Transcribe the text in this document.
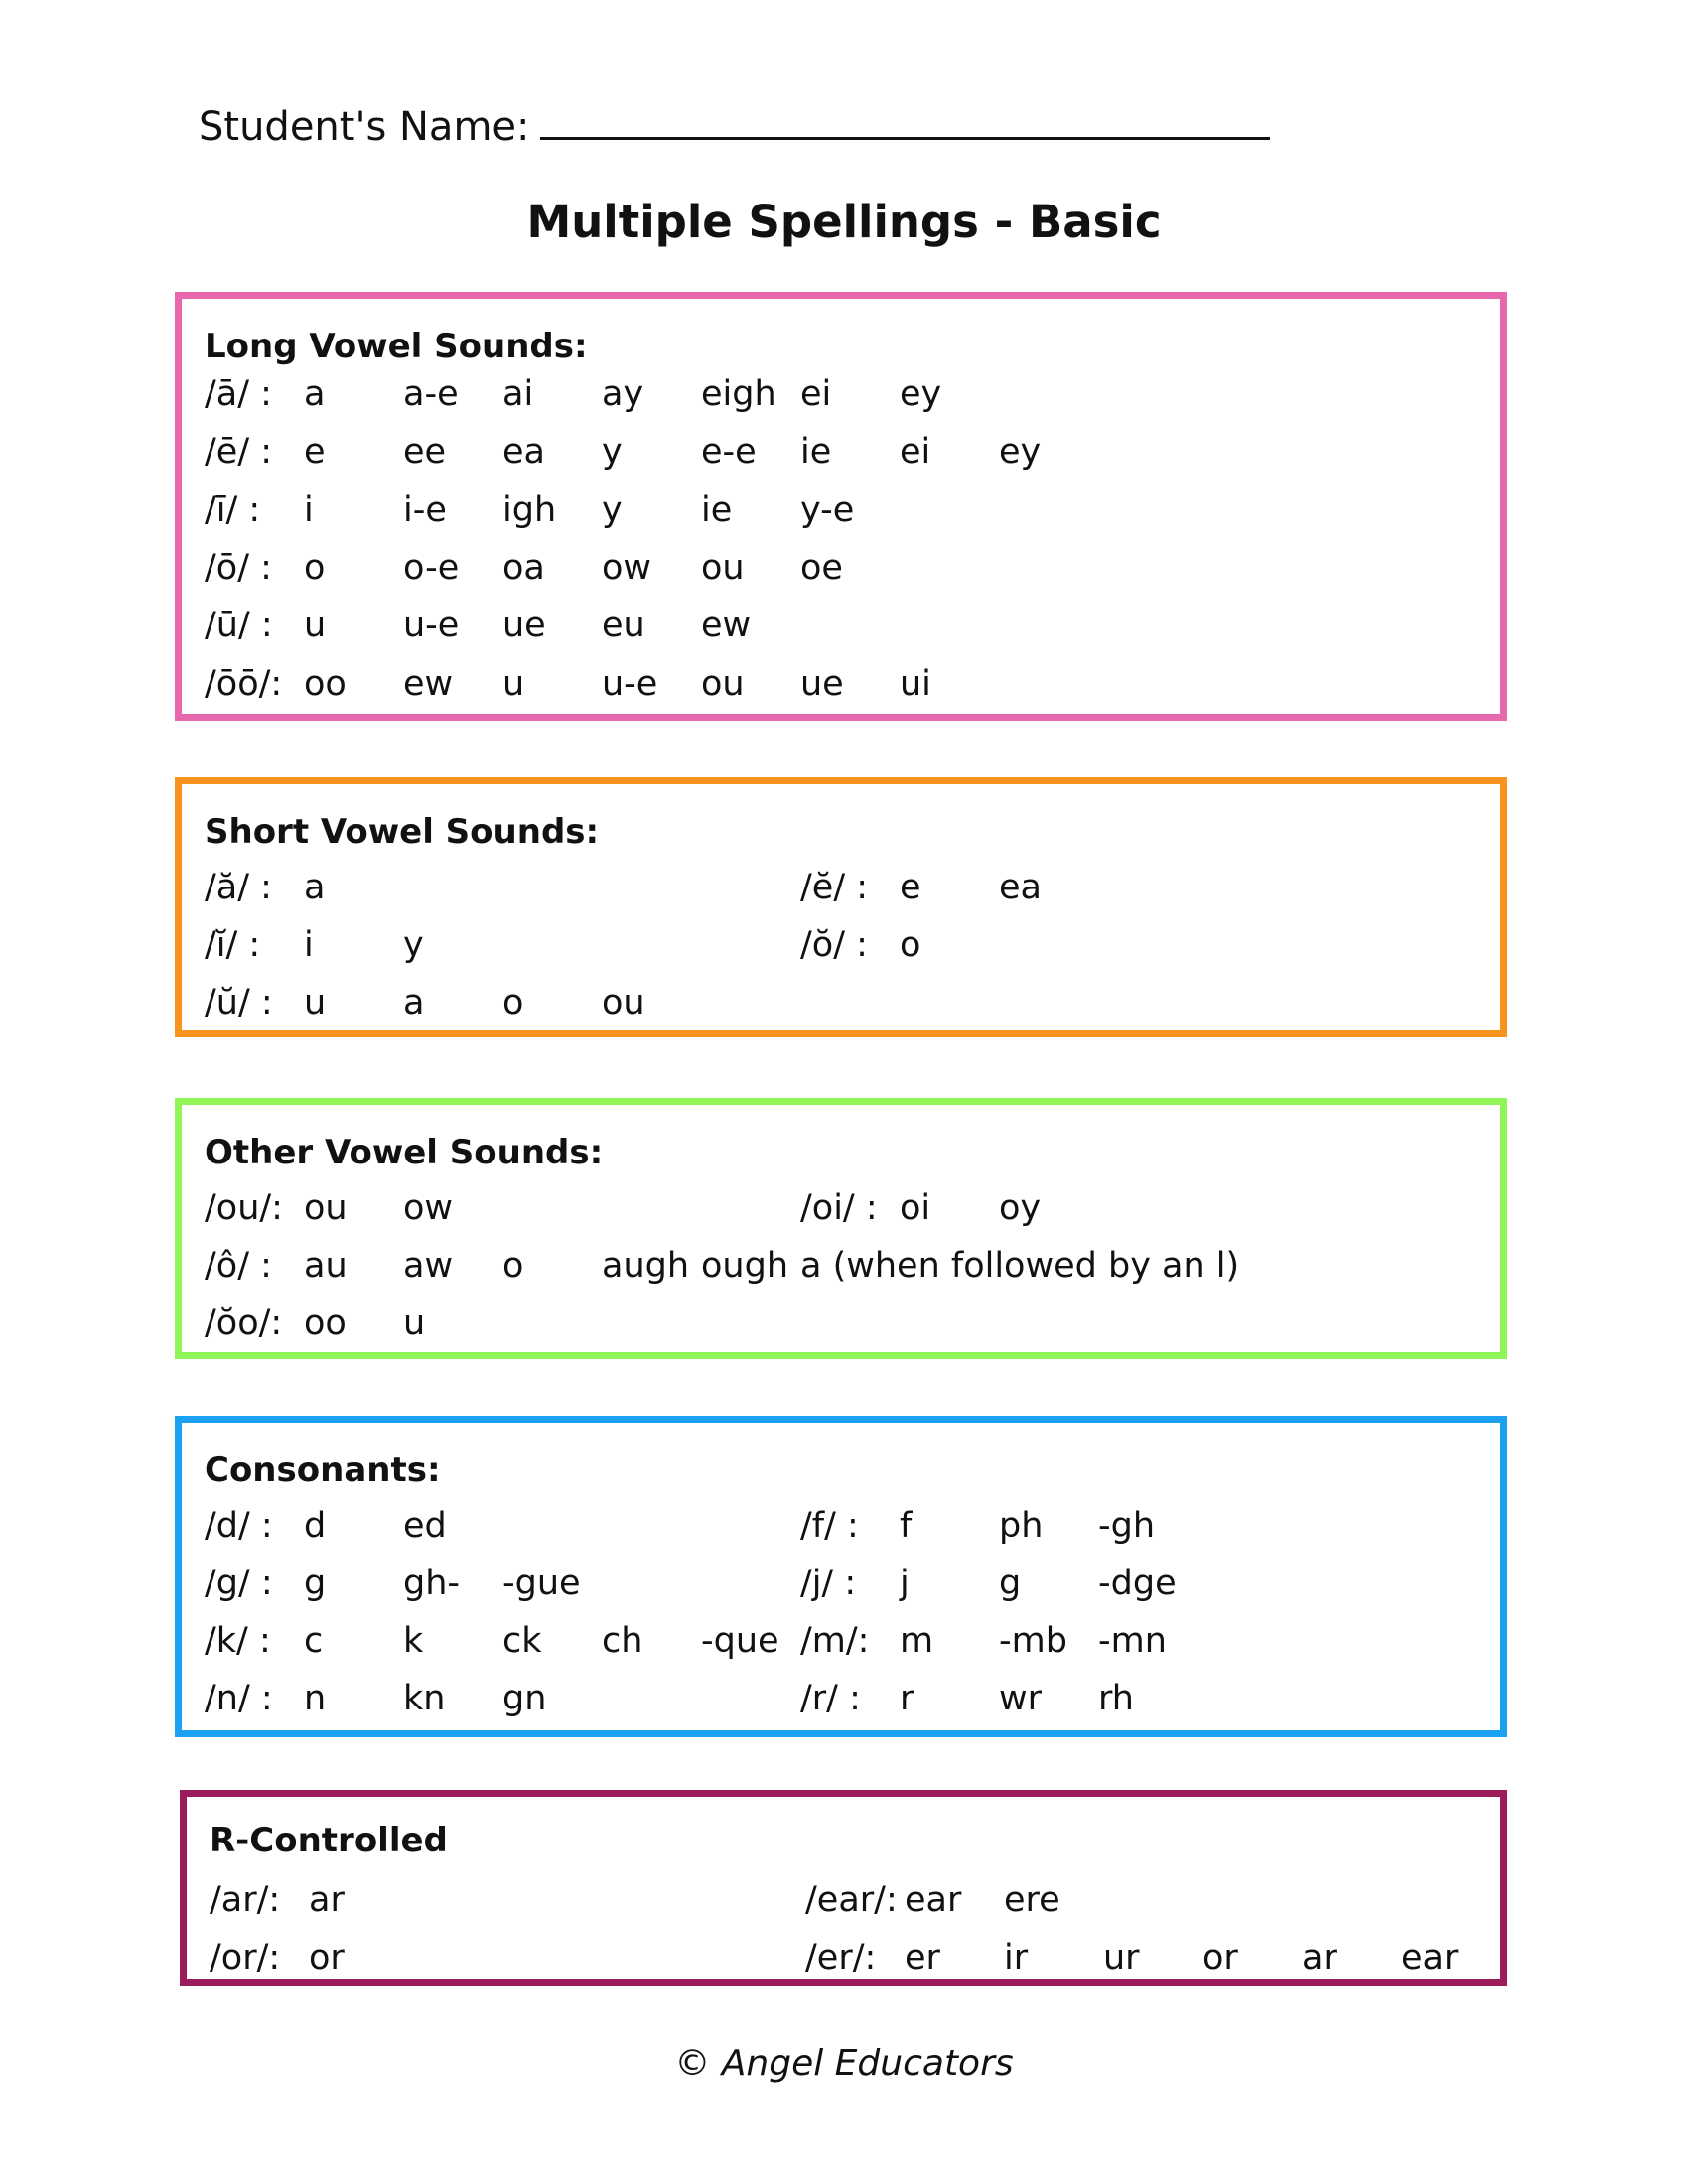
Student's Name:
Multiple Spellings - Basic
Long Vowel Sounds:
/ā/ : a a-e ai ay eigh ei ey
/ē/ : e ee ea y e-e ie ei ey
/ī/ : i	i-e igh y ie y-e
/ō/ : o o-e oa ow ou oe
/ū/ : u u-e ue eu ew
/ōō/: oo ew u u-e ou ue ui
Short Vowel Sounds:
/ă/ : a	/ĕ/ : e ea
/ĭ/ : i	y	/ŏ/ : o
/ŭ/ : u a o ou
Other Vowel Sounds:
/ou/: ou ow	/oi/ : oi oy
/ô/ : au aw o augh ough a (when followed by an l)
/ŏo/: oo u
Consonants:
/d/ : d ed	/f/ : f	ph -gh
/g/ : g gh- -gue	/j/ : j	g -dge
/k/ : c k ck ch -que /m/: m -mb -mn
/n/ : n kn gn	/r/ : r wr rh
R-Controlled
/ar/: ar	/ear/: ear ere
/or/: or	/er/: er ir ur or ar ear
© Angel Educators
